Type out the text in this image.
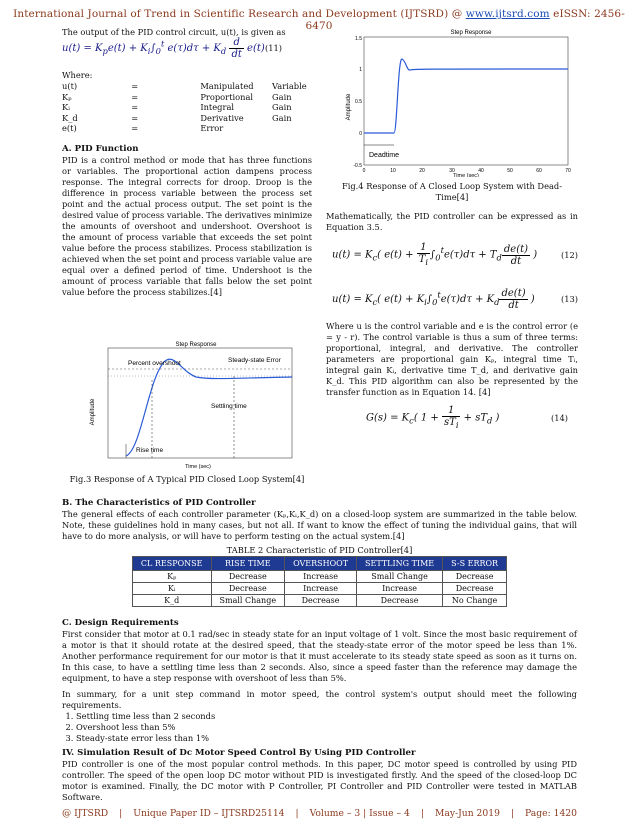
International Journal of Trend in Scientific Research and Development (IJTSRD) @ www.ijtsrd.com eISSN: 2456-6470

The output of the PID control circuit, u(t), is given as

$u(t) = K_pe(t) + K_i\int_0^t$ $e(\tau)d\tau + K_d \frac{d}{dt} e(t)$ (11)
Where:
u(t)	=	Manipulated	Variable
Kₚ	=	Proportional	Gain
Kᵢ	=	Integral	Gain
K_d	=	Derivative	Gain
e(t)	=	Error	
A. PID Function

PID is a control method or mode that has three functions or variables. The proportional action dampens process response. The integral corrects for droop. Droop is the difference in process variable between the process set point and the actual process output. The set point is the desired value of process variable. The derivatives minimize the amounts of overshoot and undershoot. Overshoot is the amount of process variable that exceeds the set point value before the process stabilizes. Process stabilization is achieved when the set point and process variable value are equal over a defined period of time. Undershoot is the amount of process variable that falls below the set point value before the process stabilizes.[4]

Step Response
Amplitude
Percent overshoot	Steady-state Error
Settling time
Rise time
Time (sec)
Fig.3 Response of A Typical PID Closed Loop System[4]
Step Response
Amplitude
1.5
1
0.5
0
-0.5
0	10	20	30	40	50	60	70
Deadtime
Time (sec)

Fig.4 Response of A Closed Loop System with Dead-Time[4]

Mathematically, the PID controller can be expressed as in Equation 3.5.

$u(t) = K_c$( $e(t) + \frac{1}{T_i} \int_0^te(\tau)d\tau + T_d \frac{de(t)}{dt}$ )	(12)
$u(t) = K_c$( $e(t) + K_i\int_0^te(\tau)d\tau + K_d \frac{de(t)}{dt}$ )	(13)

Where u is the control variable and e is the control error (e = y - r). The control variable is thus a sum of three terms: proportional, integral, and derivative. The controller parameters are proportional gain Kₚ, integral time Tᵢ, integral gain Kᵢ, derivative time T_d, and derivative gain K_d. This PID algorithm can also be represented by the transfer function as in Equation 14. [4]

$G(s) = K_c$( $1 + \frac{1}{sT_i} + sT_d$ )	(14)
B. The Characteristics of PID Controller

The general effects of each controller parameter (Kₚ,Kᵢ,K_d) on a closed-loop system are summarized in the table below. Note, these guidelines hold in many cases, but not all. If want to know the effect of tuning the individual gains, that will have to do more analysis, or will have to perform testing on the actual system.[4]

TABLE 2 Characteristic of PID Controller[4]
CL RESPONSE	RISE TIME	OVERSHOOT	SETTLING TIME	S-S ERROR
Kₚ	Decrease	Increase	Small Change	Decrease
Kᵢ	Decrease	Increase	Increase	Decrease
K_d	Small Change	Decrease	Decrease	No Change
C. Design Requirements

First consider that motor at 0.1 rad/sec in steady state for an input voltage of 1 volt. Since the most basic requirement of a motor is that it should rotate at the desired speed, that the steady-state error of the motor speed be less than 1%. Another performance requirement for our motor is that it must accelerate to its steady state speed as soon as it turns on. In this case, to have a settling time less than 2 seconds. Also, since a speed faster than the reference may damage the equipment, to have a step response with overshoot of less than 5%.

In summary, for a unit step command in motor speed, the control system's output should meet the following requirements.

1. Settling time less than 2 seconds
2. Overshoot less than 5%
3. Steady-state error less than 1%
IV. Simulation Result of Dc Motor Speed Control By Using PID Controller

PID controller is one of the most popular control methods. In this paper, DC motor speed is controlled by using PID controller. The speed of the open loop DC motor without PID is investigated firstly. And the speed of the closed-loop DC motor is examined. Finally, the DC motor with P Controller, PI Controller and PID Controller were tested in MATLAB Software.

@ IJTSRD | Unique Paper ID – IJTSRD25114 | Volume – 3 | Issue – 4 | May-Jun 2019 | Page: 1420
